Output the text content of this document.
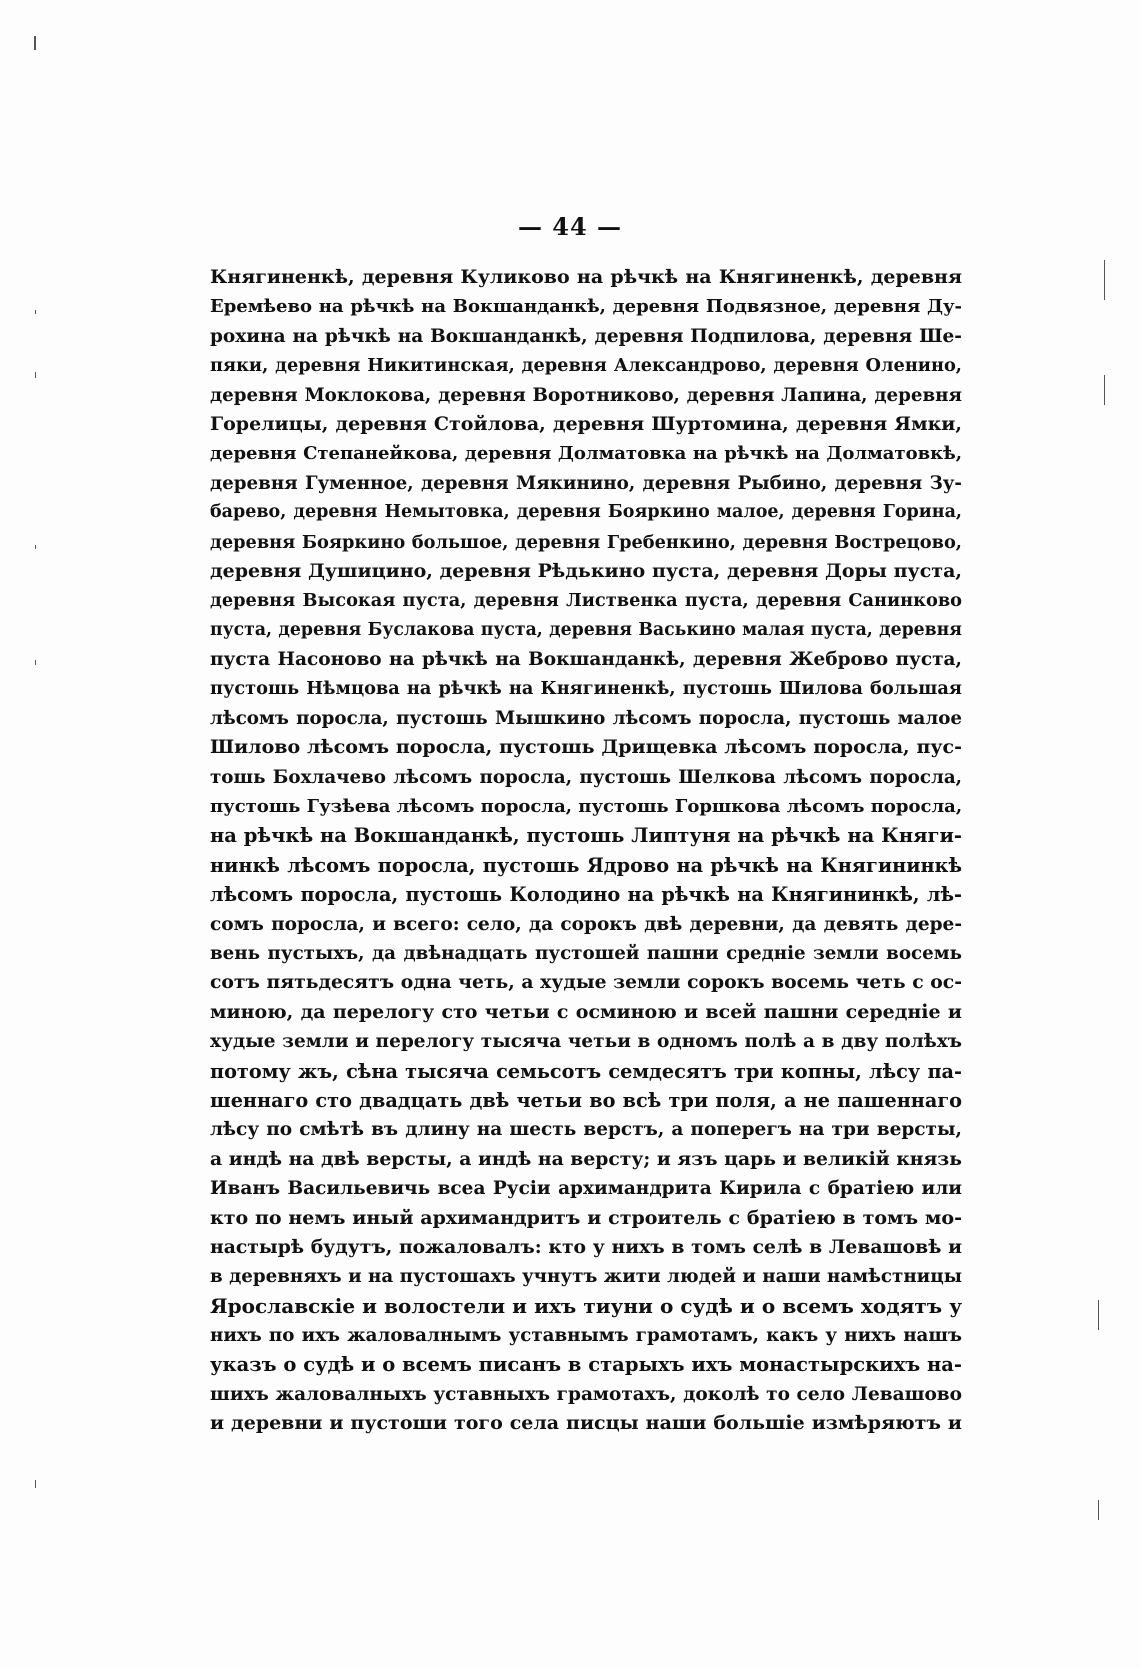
— 44 —
Княгиненкѣ, деревня Куликово на рѣчкѣ на Княгиненкѣ, деревня
Еремѣево на рѣчкѣ на Вокшанданкѣ, деревня Подвязное, деревня Ду-
рохина на рѣчкѣ на Вокшанданкѣ, деревня Подпилова, деревня Ше-
пяки, деревня Никитинская, деревня Александрово, деревня Оленино,
деревня Моклокова, деревня Воротниково, деревня Лапина, деревня
Горелицы, деревня Стойлова, деревня Шуртомина, деревня Ямки,
деревня Степанейкова, деревня Долматовка на рѣчкѣ на Долматовкѣ,
деревня Гуменное, деревня Мякинино, деревня Рыбино, деревня Зу-
барево, деревня Немытовка, деревня Бояркино малое, деревня Горина,
деревня Бояркино большое, деревня Гребенкино, деревня Вострецово,
деревня Душицино, деревня Рѣдькино пуста, деревня Доры пуста,
деревня Высокая пуста, деревня Лиственка пуста, деревня Санинково
пуста, деревня Буслакова пуста, деревня Васькино малая пуста, деревня
пуста Насоново на рѣчкѣ на Вокшанданкѣ, деревня Жеброво пуста,
пустошь Нѣмцова на рѣчкѣ на Княгиненкѣ, пустошь Шилова большая
лѣсомъ поросла, пустошь Мышкино лѣсомъ поросла, пустошь малое
Шилово лѣсомъ поросла, пустошь Дрищевка лѣсомъ поросла, пус-
тошь Бохлачево лѣсомъ поросла, пустошь Шелкова лѣсомъ поросла,
пустошь Гузѣева лѣсомъ поросла, пустошь Горшкова лѣсомъ поросла,
на рѣчкѣ на Вокшанданкѣ, пустошь Липтуня на рѣчкѣ на Княги-
нинкѣ лѣсомъ поросла, пустошь Ядрово на рѣчкѣ на Княгининкѣ
лѣсомъ поросла, пустошь Колодино на рѣчкѣ на Княгининкѣ, лѣ-
сомъ поросла, и всего: село, да сорокъ двѣ деревни, да девять дере-
вень пустыхъ, да двѣнадцать пустошей пашни средніе земли восемь
сотъ пятьдесятъ одна четь, а худые земли сорокъ восемь четь с ос-
миною, да перелогу сто четьи с осминою и всей пашни середніе и
худые земли и перелогу тысяча четьи в одномъ полѣ а в дву полѣхъ
потому жъ, сѣна тысяча семьсотъ семдесятъ три копны, лѣсу па-
шеннаго сто двадцать двѣ четьи во всѣ три поля, а не пашеннаго
лѣсу по смѣтѣ въ длину на шесть верстъ, а поперегъ на три версты,
а индѣ на двѣ версты, а индѣ на версту; и язъ царь и великій князь
Иванъ Васильевичь всеа Русіи архимандрита Кирила с братіею или
кто по немъ иный архимандритъ и строитель с братіею в томъ мо-
настырѣ будутъ, пожаловалъ: кто у нихъ в томъ селѣ в Левашовѣ и
в деревняхъ и на пустошахъ учнутъ жити людей и наши намѣстницы
Ярославскіе и волостели и ихъ тиуни о судѣ и о всемъ ходятъ у
нихъ по ихъ жаловалнымъ уставнымъ грамотамъ, какъ у нихъ нашъ
указъ о судѣ и о всемъ писанъ в старыхъ ихъ монастырскихъ на-
шихъ жаловалныхъ уставныхъ грамотахъ, доколѣ то село Левашово
и деревни и пустоши того села писцы наши большіе измѣряютъ и
